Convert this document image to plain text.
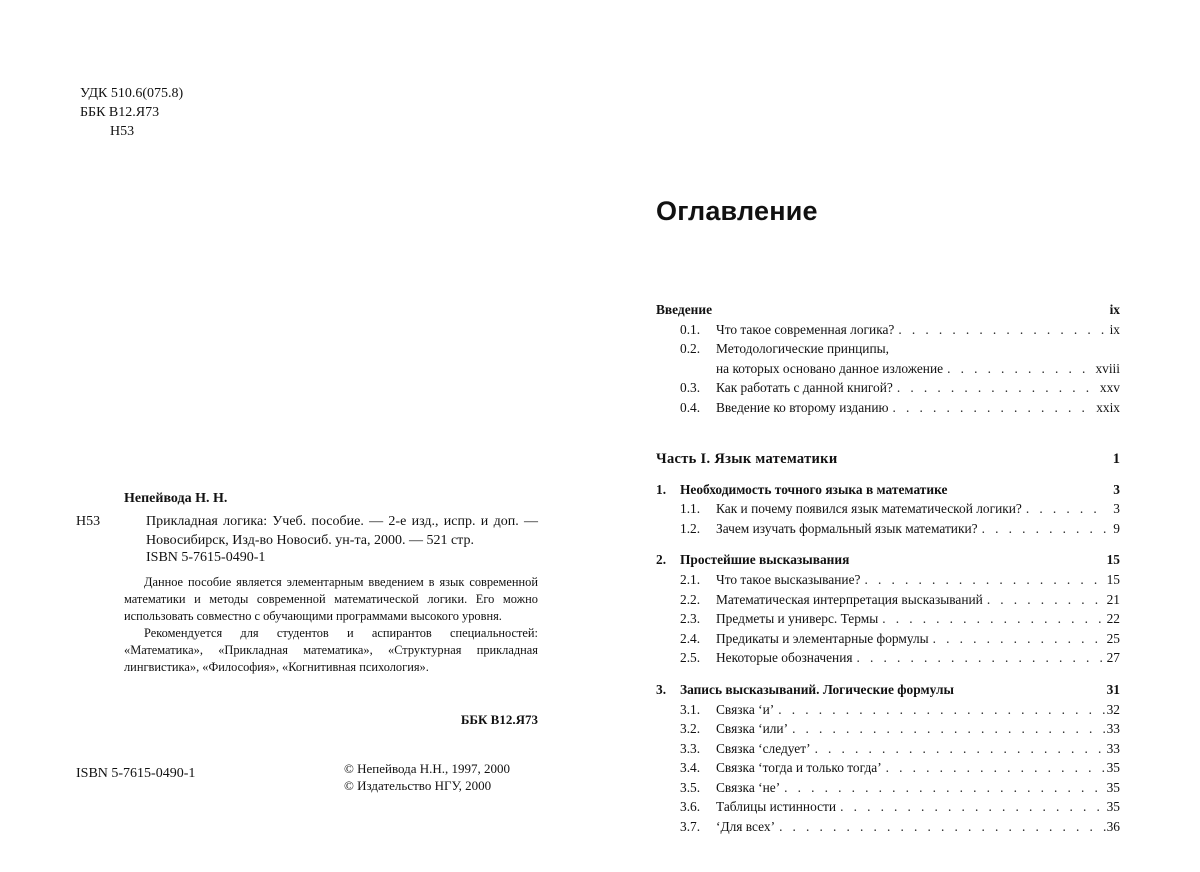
УДК 510.6(075.8)
ББК В12.Я73
Н53
Непейвода Н. Н.
Н53	Прикладная логика: Учеб. пособие. — 2-е изд., испр. и доп. — Новосибирск, Изд-во Новосиб. ун-та, 2000. — 521 стр.
ISBN 5-7615-0490-1

Данное пособие является элементарным введением в язык современной математики и методы современной математической логики. Его можно использовать совместно с обучающими программами высокого уровня.

Рекомендуется для студентов и аспирантов специальностей: «Математика», «Прикладная математика», «Структурная прикладная лингвистика», «Философия», «Когнитивная психология».

ББК В12.Я73
ISBN 5-7615-0490-1	© Непейвода Н.Н., 1997, 2000
© Издательство НГУ, 2000
Оглавление
Введение	ix
0.1.	Что такое современная логика? . . .	ix
0.2.	Методологические принципы,
на которых основано данное изложение . . .	xviii
0.3.	Как работать с данной книгой? . . .	xxv
0.4.	Введение ко второму изданию . . .	xxix
Часть I. Язык математики	1
1.	Необходимость точного языка в математике	3
1.1.	Как и почему появился язык математической логики? . . .	3
1.2.	Зачем изучать формальный язык математики? . . .	9
2.	Простейшие высказывания	15
2.1.	Что такое высказывание? . . .	15
2.2.	Математическая интерпретация высказываний . . .	21
2.3.	Предметы и универс. Термы . . .	22
2.4.	Предикаты и элементарные формулы . . .	25
2.5.	Некоторые обозначения . . .	27
3.	Запись высказываний. Логические формулы	31
3.1.	Связка ‘и’ . . .	32
3.2.	Связка ‘или’ . . .	33
3.3.	Связка ‘следует’ . . .	33
3.4.	Связка ‘тогда и только тогда’ . . .	35
3.5.	Связка ‘не’ . . .	35
3.6.	Таблицы истинности . . .	35
3.7.	‘Для всех’ . . .	36
